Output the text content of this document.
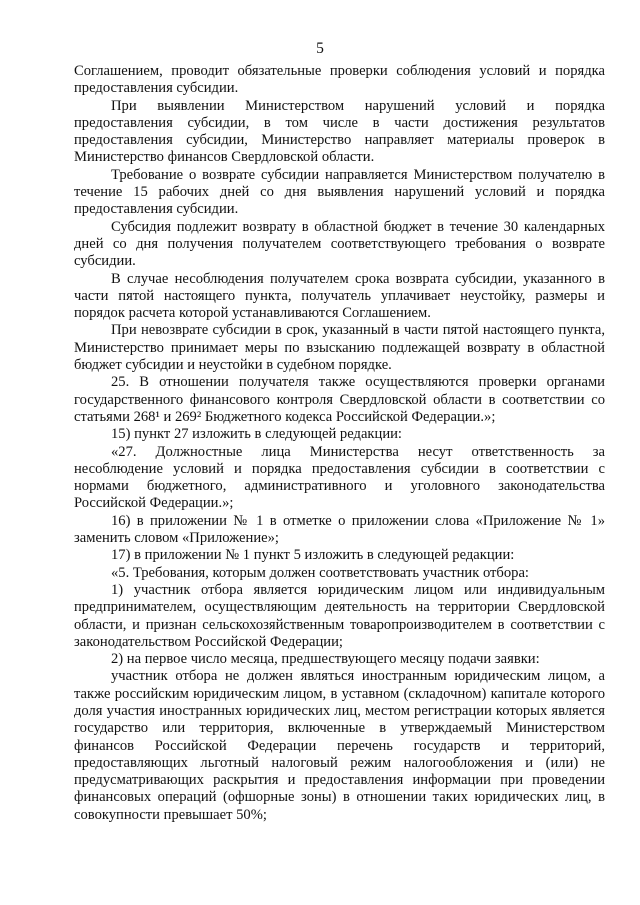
5

Соглашением, проводит обязательные проверки соблюдения условий и порядка предоставления субсидии.

При выявлении Министерством нарушений условий и порядка предоставления субсидии, в том числе в части достижения результатов предоставления субсидии, Министерство направляет материалы проверок в Министерство финансов Свердловской области.

Требование о возврате субсидии направляется Министерством получателю в течение 15 рабочих дней со дня выявления нарушений условий и порядка предоставления субсидии.

Субсидия подлежит возврату в областной бюджет в течение 30 календарных дней со дня получения получателем соответствующего требования о возврате субсидии.

В случае несоблюдения получателем срока возврата субсидии, указанного в части пятой настоящего пункта, получатель уплачивает неустойку, размеры и порядок расчета которой устанавливаются Соглашением.

При невозврате субсидии в срок, указанный в части пятой настоящего пункта, Министерство принимает меры по взысканию подлежащей возврату в областной бюджет субсидии и неустойки в судебном порядке.

25. В отношении получателя также осуществляются проверки органами государственного финансового контроля Свердловской области в соответствии со статьями 268¹ и 269² Бюджетного кодекса Российской Федерации.»;

15) пункт 27 изложить в следующей редакции:

«27. Должностные лица Министерства несут ответственность за несоблюдение условий и порядка предоставления субсидии в соответствии с нормами бюджетного, административного и уголовного законодательства Российской Федерации.»;

16) в приложении № 1 в отметке о приложении слова «Приложение № 1» заменить словом «Приложение»;

17) в приложении № 1 пункт 5 изложить в следующей редакции:

«5. Требования, которым должен соответствовать участник отбора:

1) участник отбора является юридическим лицом или индивидуальным предпринимателем, осуществляющим деятельность на территории Свердловской области, и признан сельскохозяйственным товаропроизводителем в соответствии с законодательством Российской Федерации;

2) на первое число месяца, предшествующего месяцу подачи заявки:

участник отбора не должен являться иностранным юридическим лицом, а также российским юридическим лицом, в уставном (складочном) капитале которого доля участия иностранных юридических лиц, местом регистрации которых является государство или территория, включенные в утверждаемый Министерством финансов Российской Федерации перечень государств и территорий, предоставляющих льготный налоговый режим налогообложения и (или) не предусматривающих раскрытия и предоставления информации при проведении финансовых операций (офшорные зоны) в отношении таких юридических лиц, в совокупности превышает 50%;
